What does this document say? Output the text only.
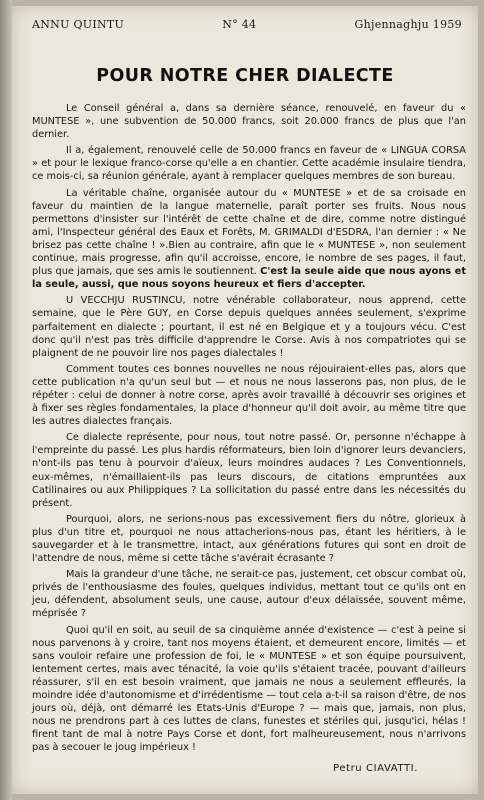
ANNU QUINTU	N° 44	Ghjennaghju 1959
POUR NOTRE CHER DIALECTE

Le Conseil général a, dans sa dernière séance, renouvelé, en faveur du « MUNTESE », une subvention de 50.000 francs, soit 20.000 francs de plus que l'an dernier.

Il a, également, renouvelé celle de 50.000 francs en faveur de « LINGUA CORSA » et pour le lexique franco-corse qu'elle a en chantier. Cette académie insulaire tiendra, ce mois-ci, sa réunion générale, ayant à remplacer quelques membres de son bureau.

La véritable chaîne, organisée autour du « MUNTESE » et de sa croisade en faveur du maintien de la langue maternelle, paraît porter ses fruits. Nous nous permettons d'insister sur l'intérêt de cette chaîne et de dire, comme notre distingué ami, l'Inspecteur général des Eaux et Forêts, M. GRIMALDI d'ESDRA, l'an dernier : « Ne brisez pas cette chaîne ! ».Bien au contraire, afin que le « MUNTESE », non seulement continue, mais progresse, afin qu'il accroisse, encore, le nombre de ses pages, il faut, plus que jamais, que ses amis le soutiennent. C'est la seule aide que nous ayons et la seule, aussi, que nous soyons heureux et fiers d'accepter.

U VECCHJU RUSTINCU, notre vénérable collaborateur, nous apprend, cette semaine, que le Père GUY, en Corse depuis quelques années seulement, s'exprime parfaitement en dialecte ; pourtant, il est né en Belgique et y a toujours vécu. C'est donc qu'il n'est pas très difficile d'apprendre le Corse. Avis à nos compatriotes qui se plaignent de ne pouvoir lire nos pages dialectales !

Comment toutes ces bonnes nouvelles ne nous réjouiraient-elles pas, alors que cette publication n'a qu'un seul but — et nous ne nous lasserons pas, non plus, de le répéter : celui de donner à notre corse, après avoir travaillé à découvrir ses origines et à fixer ses règles fondamentales, la place d'honneur qu'il doit avoir, au même titre que les autres dialectes français.

Ce dialecte représente, pour nous, tout notre passé. Or, personne n'échappe à l'empreinte du passé. Les plus hardis réformateurs, bien loin d'ignorer leurs devanciers, n'ont-ils pas tenu à pourvoir d'aïeux, leurs moindres audaces ? Les Conventionnels, eux-mêmes, n'émaillaient-ils pas leurs discours, de citations empruntées aux Catilinaires ou aux Philippiques ? La sollicitation du passé entre dans les nécessités du présent.

Pourquoi, alors, ne serions-nous pas excessivement fiers du nôtre, glorieux à plus d'un titre et, pourquoi ne nous attacherions-nous pas, étant les héritiers, à le sauvegarder et à le transmettre, intact, aux générations futures qui sont en droit de l'attendre de nous, même si cette tâche s'avérait écrasante ?

Mais la grandeur d'une tâche, ne serait-ce pas, justement, cet obscur combat où, privés de l'enthousiasme des foules, quelques individus, mettant tout ce qu'ils ont en jeu, défendent, absolument seuls, une cause, autour d'eux délaissée, souvent même, méprisée ?

Quoi qu'il en soit, au seuil de sa cinquième année d'existence — c'est à peine si nous parvenons à y croire, tant nos moyens étaient, et demeurent encore, limités — et sans vouloir refaire une profession de foi, le « MUNTESE » et son équipe poursuivent, lentement certes, mais avec ténacité, la voie qu'ils s'étaient tracée, pouvant d'ailleurs réassurer, s'il en est besoin vraiment, que jamais ne nous a seulement effleurés, la moindre idée d'autonomisme et d'irrédentisme — tout cela a-t-il sa raison d'être, de nos jours où, déjà, ont démarré les Etats-Unis d'Europe ? — mais que, jamais, non plus, nous ne prendrons part à ces luttes de clans, funestes et stériles qui, jusqu'ici, hélas ! firent tant de mal à notre Pays Corse et dont, fort malheureusement, nous n'arrivons pas à secouer le joug impérieux !

Petru CIAVATTI.
